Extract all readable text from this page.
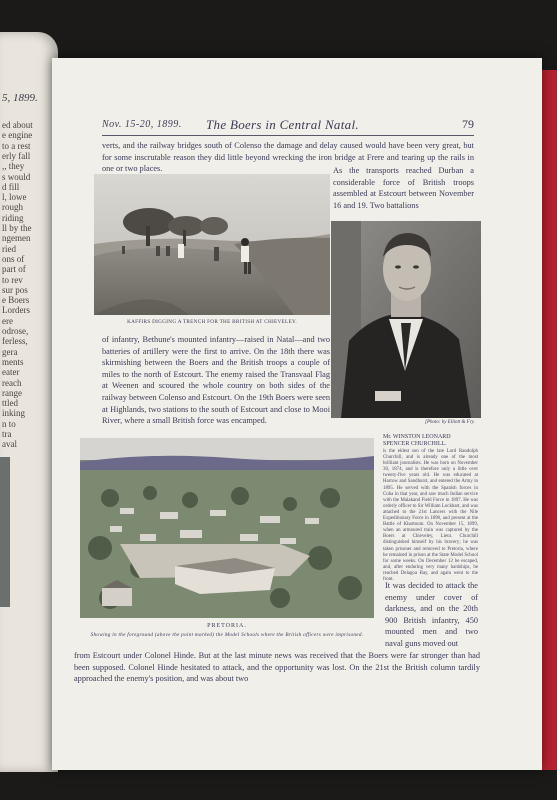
5, 1899.
ed about
e engine
to a rest
erly fall
,, they
s would
d fill
l, lowe
rough
riding
ll by the
ngemen
ried
ons of
part of
to rev
sur pos
e Boers
Lorders
ere
odrose,
ferless,
gera
ments
eater
reach
range
ttled
inking
n to
tra
aval
Nov. 15-20, 1899. The Boers in Central Natal.	79

verts, and the railway bridges south of Colenso the damage and delay caused would have been very great, but for some inscrutable reason they did little beyond wrecking the iron bridge at Frere and tearing up the rails in one or two places.

KAFFIRS DIGGING A TRENCH FOR THE BRITISH AT CHIEVELEY.

As the transports reached Durban a considerable force of British troops assembled at Estcourt between November 16 and 19. Two battalions

[Photo: by Elliott & Fry.

of infantry, Bethune's mounted infantry—raised in Natal—and two batteries of artillery were the first to arrive. On the 18th there was skirmishing between the Boers and the British troops a couple of miles to the north of Estcourt. The enemy raised the Transvaal Flag at Weenen and scoured the whole country on both sides of the railway between Colenso and Estcourt. On the 19th Boers were seen at Highlands, two stations to the south of Estcourt and close to Mooi River, where a small British force was encamped.

PRETORIA.
Showing in the foreground (above the point marked) the Model Schools where the British officers were imprisoned.
Mr. WINSTON LEONARD SPENCER CHURCHILL.
is the eldest son of the late Lord Randolph Churchill, and is already one of the most brilliant journalists. He was born on November 30, 1874, and is therefore only a little over twenty-five years old. He was educated at Harrow and Sandhurst, and entered the Army in 1895. He served with the Spanish forces in Cuba in that year, and saw much Indian service with the Malakand Field Force in 1897. He was orderly officer to Sir William Lockhart, and was attached to the 21st Lancers with the Nile Expeditionary Force in 1898, and present at the Battle of Khartoum. On November 15, 1899, when an armoured train was captured by the Boers at Chieveley, Lieut. Churchill distinguished himself by his bravery; he was taken prisoner and removed to Pretoria, where he remained in prison at the State Model School for some weeks. On December 12 he escaped, and, after enduring very many hardships, he reached Delagoa Bay, and again went to the front.

It was decided to attack the enemy under cover of darkness, and on the 20th 900 British infantry, 450 mounted men and two naval guns moved out

from Estcourt under Colonel Hinde. But at the last minute news was received that the Boers were far stronger than had been supposed. Colonel Hinde hesitated to attack, and the opportunity was lost. On the 21st the British column tardily approached the enemy's position, and was about two
